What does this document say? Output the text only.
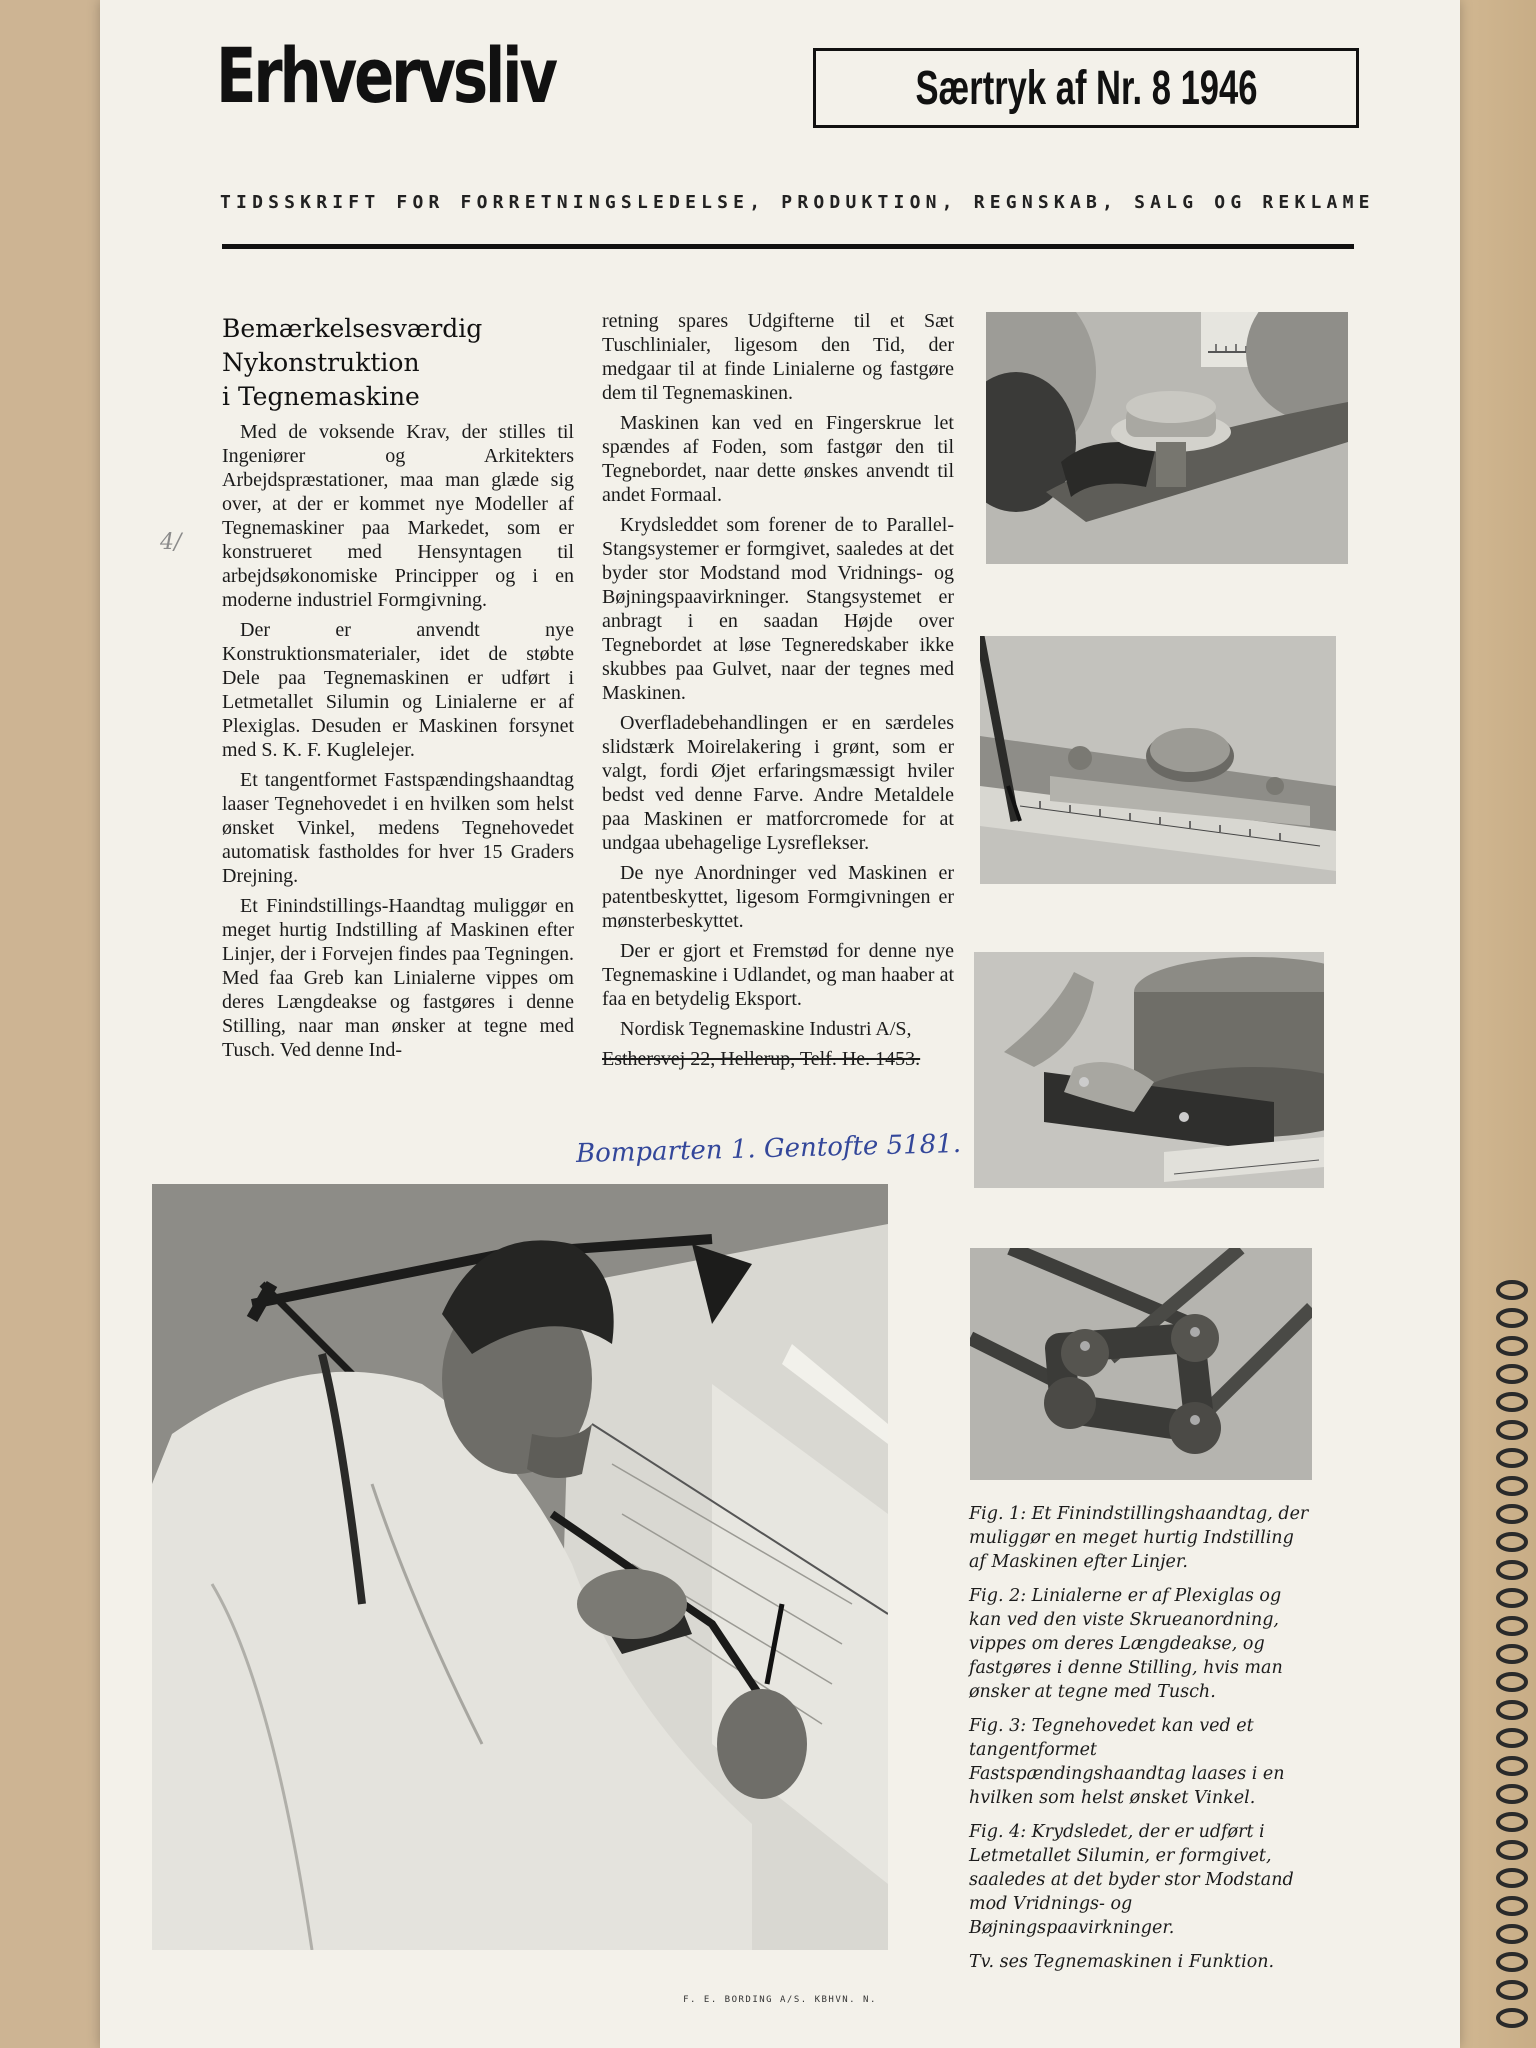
Erhvervsliv	Særtryk af Nr. 8 1946
TIDSSKRIFT FOR FORRETNINGSLEDELSE, PRODUKTION, REGNSKAB, SALG OG REKLAME
Bemærkelsesværdig
Nykonstruktion
i Tegnemaskine

Med de voksende Krav, der stilles til Ingeniører og Arkitekters Arbejdspræstationer, maa man glæde sig over, at der er kommet nye Modeller af Tegnemaskiner paa Markedet, som er konstrueret med Hensyntagen til arbejdsøkonomiske Principper og i en moderne industriel Formgivning.

Der er anvendt nye Konstruktionsmaterialer, idet de støbte Dele paa Tegnemaskinen er udført i Letmetallet Silumin og Linialerne er af Plexiglas. Desuden er Maskinen forsynet med S. K. F. Kuglelejer.

Et tangentformet Fastspændingshaandtag laaser Tegnehovedet i en hvilken som helst ønsket Vinkel, medens Tegnehovedet automatisk fastholdes for hver 15 Graders Drejning.

Et Finindstillings-Haandtag muliggør en meget hurtig Indstilling af Maskinen efter Linjer, der i Forvejen findes paa Tegningen. Med faa Greb kan Linialerne vippes om deres Længdeakse og fastgøres i denne Stilling, naar man ønsker at tegne med Tusch. Ved denne Ind-

4/

retning spares Udgifterne til et Sæt Tuschlinialer, ligesom den Tid, der medgaar til at finde Linialerne og fastgøre dem til Tegnemaskinen.

Maskinen kan ved en Fingerskrue let spændes af Foden, som fastgør den til Tegnebordet, naar dette ønskes anvendt til andet Formaal.

Krydsleddet som forener de to Parallel-Stangsystemer er formgivet, saaledes at det byder stor Modstand mod Vridnings- og Bøjningspaavirkninger. Stangsystemet er anbragt i en saadan Højde over Tegnebordet at løse Tegneredskaber ikke skubbes paa Gulvet, naar der tegnes med Maskinen.

Overfladebehandlingen er en særdeles slidstærk Moirelakering i grønt, som er valgt, fordi Øjet erfaringsmæssigt hviler bedst ved denne Farve. Andre Metaldele paa Maskinen er matforcromede for at undgaa ubehagelige Lysreflekser.

De nye Anordninger ved Maskinen er patentbeskyttet, ligesom Formgivningen er mønsterbeskyttet.

Der er gjort et Fremstød for denne nye Tegnemaskine i Udlandet, og man haaber at faa en betydelig Eksport.

Nordisk Tegnemaskine Industri A/S,

Esthersvej 22, Hellerup, Telf. He. 1453.

Bomparten 1. Gentofte 5181.

Fig. 1: Et Finindstillingshaandtag, der muliggør en meget hurtig Indstilling af Maskinen efter Linjer.

Fig. 2: Linialerne er af Plexiglas og kan ved den viste Skrueanordning, vippes om deres Længdeakse, og fastgøres i denne Stilling, hvis man ønsker at tegne med Tusch.

Fig. 3: Tegnehovedet kan ved et tangentformet Fastspændingshaandtag laases i en hvilken som helst ønsket Vinkel.

Fig. 4: Krydsledet, der er udført i Letmetallet Silumin, er formgivet, saaledes at det byder stor Modstand mod Vridnings- og Bøjningspaavirkninger.

Tv. ses Tegnemaskinen i Funktion.

F. E. BORDING A/S. KBHVN. N.
